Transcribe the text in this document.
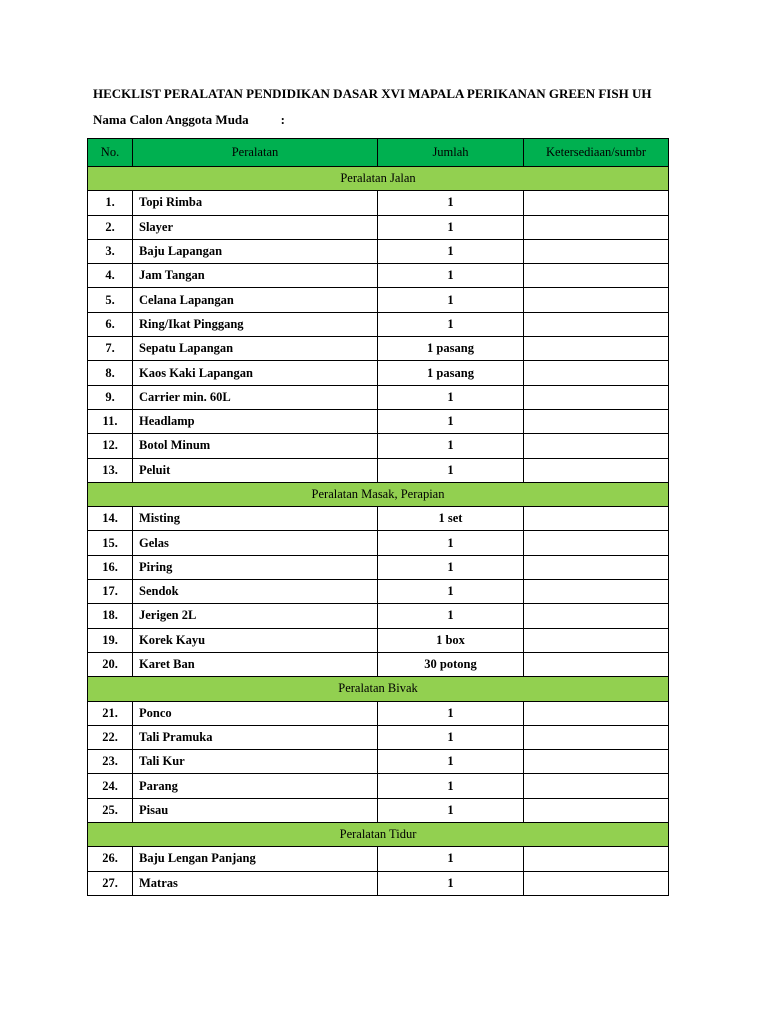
HECKLIST PERALATAN PENDIDIKAN DASAR XVI MAPALA PERIKANAN GREEN FISH UH
Nama Calon Anggota Muda :
No.	Peralatan	Jumlah	Ketersediaan/sumbr
Peralatan Jalan			
1.	Topi Rimba	1	
2.	Slayer	1	
3.	Baju Lapangan	1	
4.	Jam Tangan	1	
5.	Celana Lapangan	1	
6.	Ring/Ikat Pinggang	1	
7.	Sepatu Lapangan	1 pasang	
8.	Kaos Kaki Lapangan	1 pasang	
9.	Carrier min. 60L	1	
11.	Headlamp	1	
12.	Botol Minum	1	
13.	Peluit	1	
Peralatan Masak, Perapian			
14.	Misting	1 set	
15.	Gelas	1	
16.	Piring	1	
17.	Sendok	1	
18.	Jerigen 2L	1	
19.	Korek Kayu	1 box	
20.	Karet Ban	30 potong	
Peralatan Bivak			
21.	Ponco	1	
22.	Tali Pramuka	1	
23.	Tali Kur	1	
24.	Parang	1	
25.	Pisau	1	
Peralatan Tidur			
26.	Baju Lengan Panjang	1	
27.	Matras	1	
